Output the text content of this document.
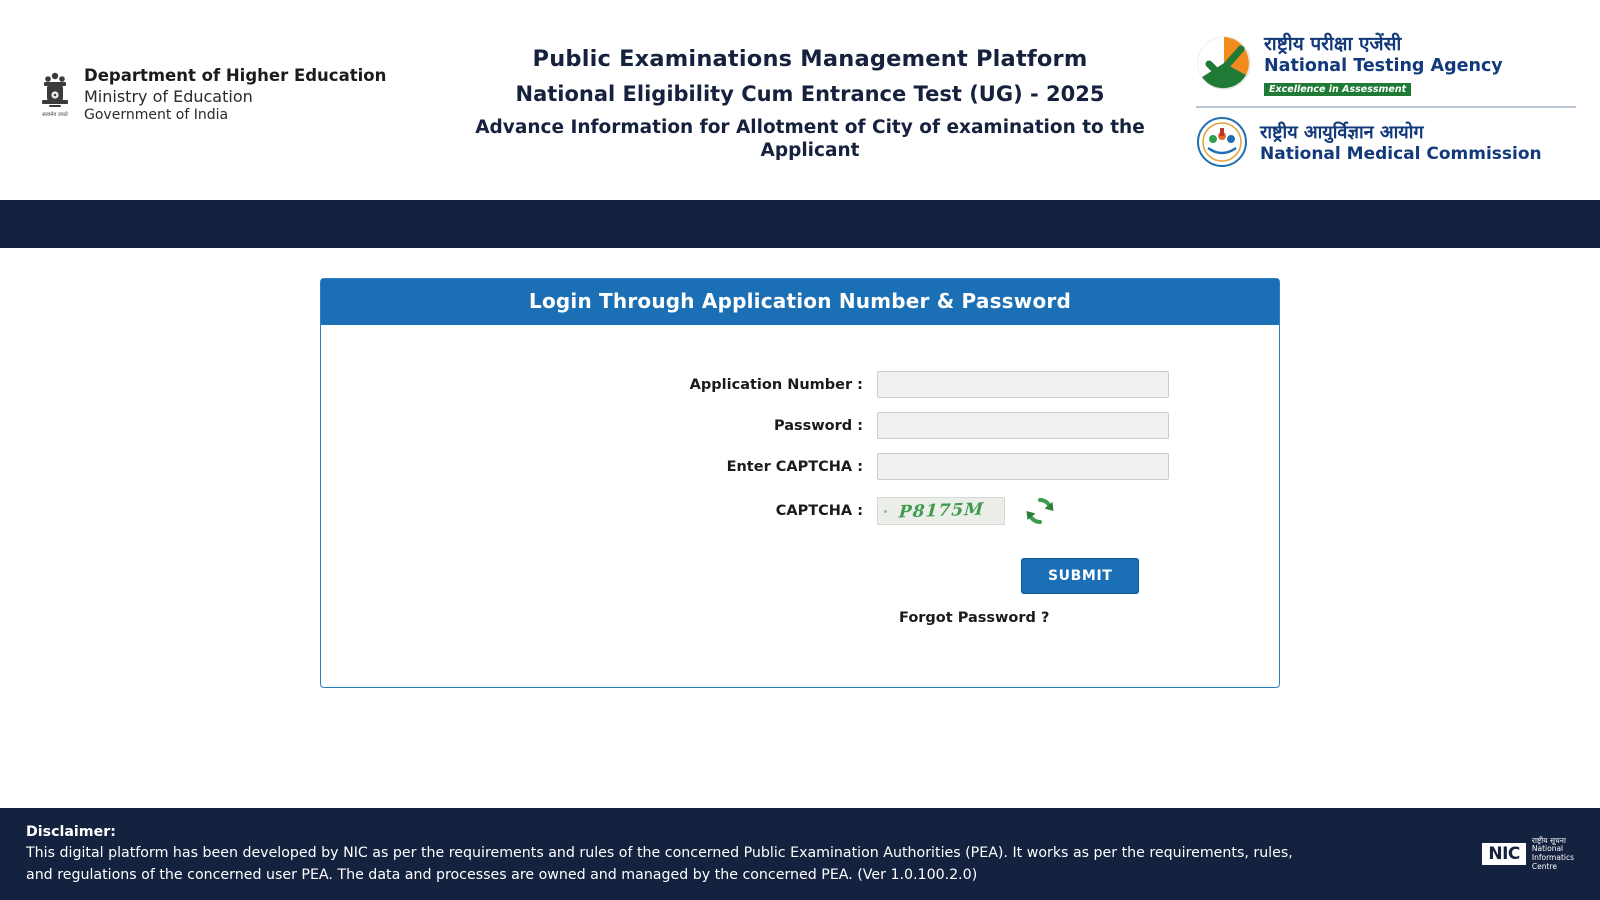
सत्यमेव जयते
Department of Higher Education
Ministry of Education
Government of India
Public Examinations Management Platform
National Eligibility Cum Entrance Test (UG) - 2025
Advance Information for Allotment of City of examination to the Applicant
राष्ट्रीय परीक्षा एजेंसी
National Testing Agency
Excellence in Assessment
राष्ट्रीय आयुर्विज्ञान आयोग
National Medical Commission
Login Through Application Number & Password
Application Number :
Password :
Enter CAPTCHA :
CAPTCHA :	P8175M
SUBMIT
Forgot Password ?
Disclaimer:
This digital platform has been developed by NIC as per the requirements and rules of the concerned Public Examination Authorities (PEA). It works as per the requirements, rules,
and regulations of the concerned user PEA. The data and processes are owned and managed by the concerned PEA. (Ver 1.0.100.2.0)
NIC
राष्ट्रीय सूचना
National
Informatics
Centre
